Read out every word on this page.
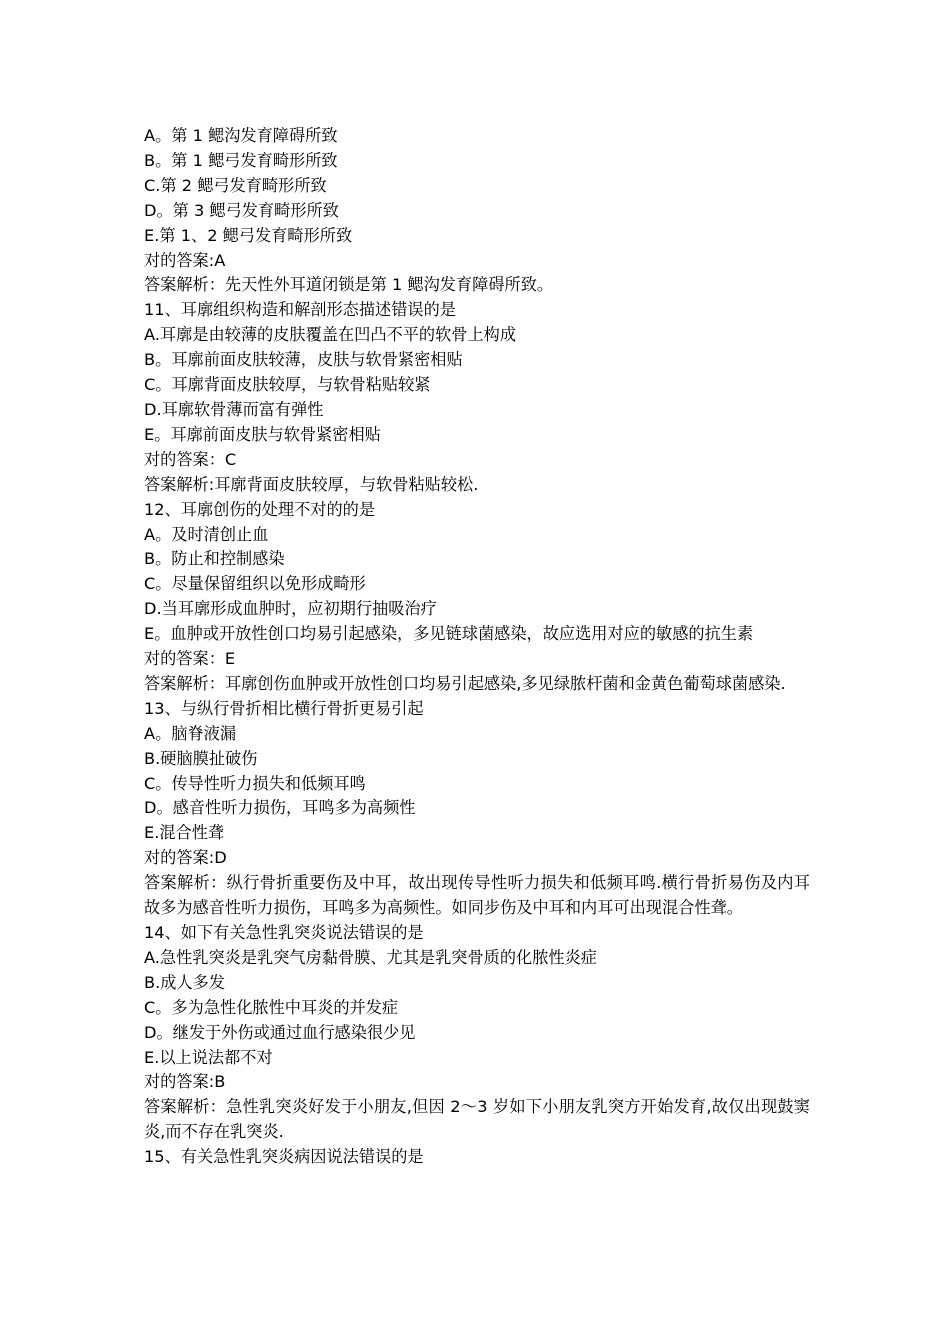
A。第 1 鳃沟发育障碍所致

B。第 1 鳃弓发育畸形所致

C.第 2 鳃弓发育畸形所致

D。第 3 鳃弓发育畸形所致

E.第 1、2 鳃弓发育畸形所致

对的答案:A

答案解析：先天性外耳道闭锁是第 1 鳃沟发育障碍所致。

11、耳廓组织构造和解剖形态描述错误的是

A.耳廓是由较薄的皮肤覆盖在凹凸不平的软骨上构成

B。耳廓前面皮肤较薄，皮肤与软骨紧密相贴

C。耳廓背面皮肤较厚，与软骨粘贴较紧

D.耳廓软骨薄而富有弹性

E。耳廓前面皮肤与软骨紧密相贴

对的答案：C

答案解析:耳廓背面皮肤较厚，与软骨粘贴较松.

12、耳廓创伤的处理不对的的是

A。及时清创止血

B。防止和控制感染

C。尽量保留组织以免形成畸形

D.当耳廓形成血肿时，应初期行抽吸治疗

E。血肿或开放性创口均易引起感染，多见链球菌感染，故应选用对应的敏感的抗生素

对的答案：E

答案解析：耳廓创伤血肿或开放性创口均易引起感染,多见绿脓杆菌和金黄色葡萄球菌感染.

13、与纵行骨折相比横行骨折更易引起

A。脑脊液漏

B.硬脑膜扯破伤

C。传导性听力损失和低频耳鸣

D。感音性听力损伤，耳鸣多为高频性

E.混合性聋

对的答案:D

答案解析：纵行骨折重要伤及中耳，故出现传导性听力损失和低频耳鸣.横行骨折易伤及内耳故多为感音性听力损伤，耳鸣多为高频性。如同步伤及中耳和内耳可出现混合性聋。

14、如下有关急性乳突炎说法错误的是

A.急性乳突炎是乳突气房黏骨膜、尤其是乳突骨质的化脓性炎症

B.成人多发

C。多为急性化脓性中耳炎的并发症

D。继发于外伤或通过血行感染很少见

E.以上说法都不对

对的答案:B

答案解析：急性乳突炎好发于小朋友,但因 2～3 岁如下小朋友乳突方开始发育,故仅出现鼓窦炎,而不存在乳突炎.

15、有关急性乳突炎病因说法错误的是
